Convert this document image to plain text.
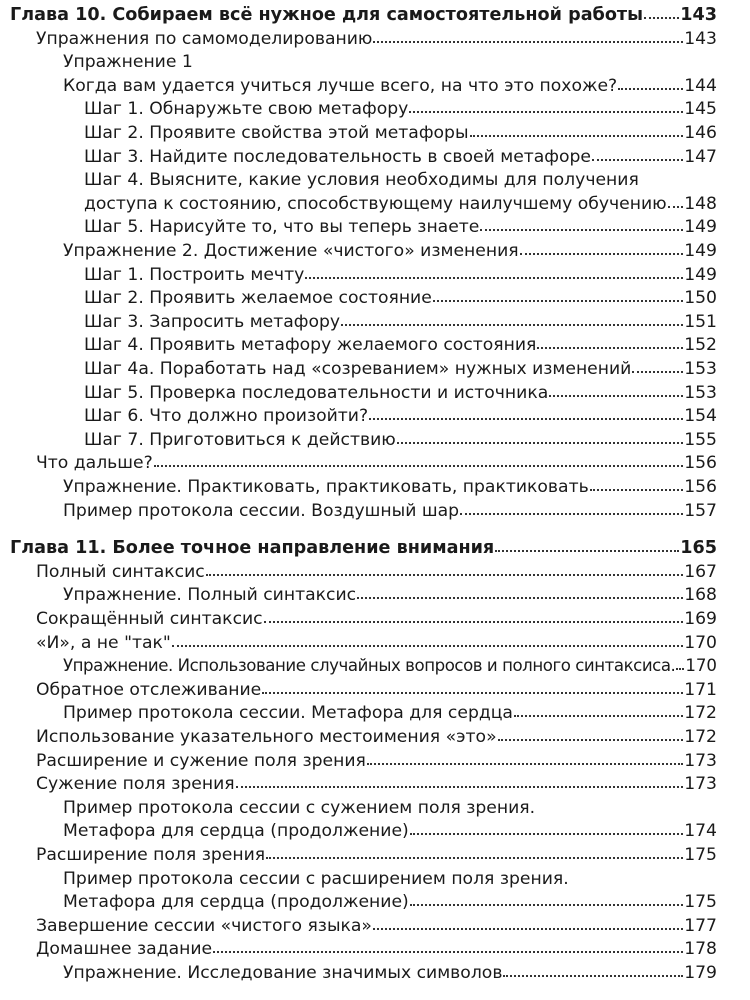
Глава 10. Собираем всё нужное для самостоятельной работы 143
Упражнения по самомоделированию	143
Упражнение 1
Когда вам удается учиться лучше всего, на что это похоже?	144
Шаг 1. Обнаружьте свою метафору	145
Шаг 2. Проявите свойства этой метафоры	146
Шаг 3. Найдите последовательность в своей метафоре	147
Шаг 4. Выясните, какие условия необходимы для получения
доступа к состоянию, способствующему наилучшему обучению 148
Шаг 5. Нарисуйте то, что вы теперь знаете	149
Упражнение 2. Достижение «чистого» изменения	149
Шаг 1. Построить мечту	149
Шаг 2. Проявить желаемое состояние	150
Шаг 3. Запросить метафору	151
Шаг 4. Проявить метафору желаемого состояния	152
Шаг 4а. Поработать над «созреванием» нужных изменений	153
Шаг 5. Проверка последовательности и источника	153
Шаг 6. Что должно произойти?	154
Шаг 7. Приготовиться к действию	155
Что дальше?	156
Упражнение. Практиковать, практиковать, практиковать	156
Пример протокола сессии. Воздушный шар	157
Глава 11. Более точное направление внимания	165
Полный синтаксис	167
Упражнение. Полный синтаксис	168
Сокращённый синтаксис	169
«И», а не "так"	170
Упражнение. Использование случайных вопросов и полного синтаксиса. 170
Обратное отслеживание	171
Пример протокола сессии. Метафора для сердца	172
Использование указательного местоимения «это»	172
Расширение и сужение поля зрения	173
Сужение поля зрения	173
Пример протокола сессии с сужением поля зрения.
Метафора для сердца (продолжение)	174
Расширение поля зрения	175
Пример протокола сессии с расширением поля зрения.
Метафора для сердца (продолжение)	175
Завершение сессии «чистого языка»	177
Домашнее задание	178
Упражнение. Исследование значимых символов	179
